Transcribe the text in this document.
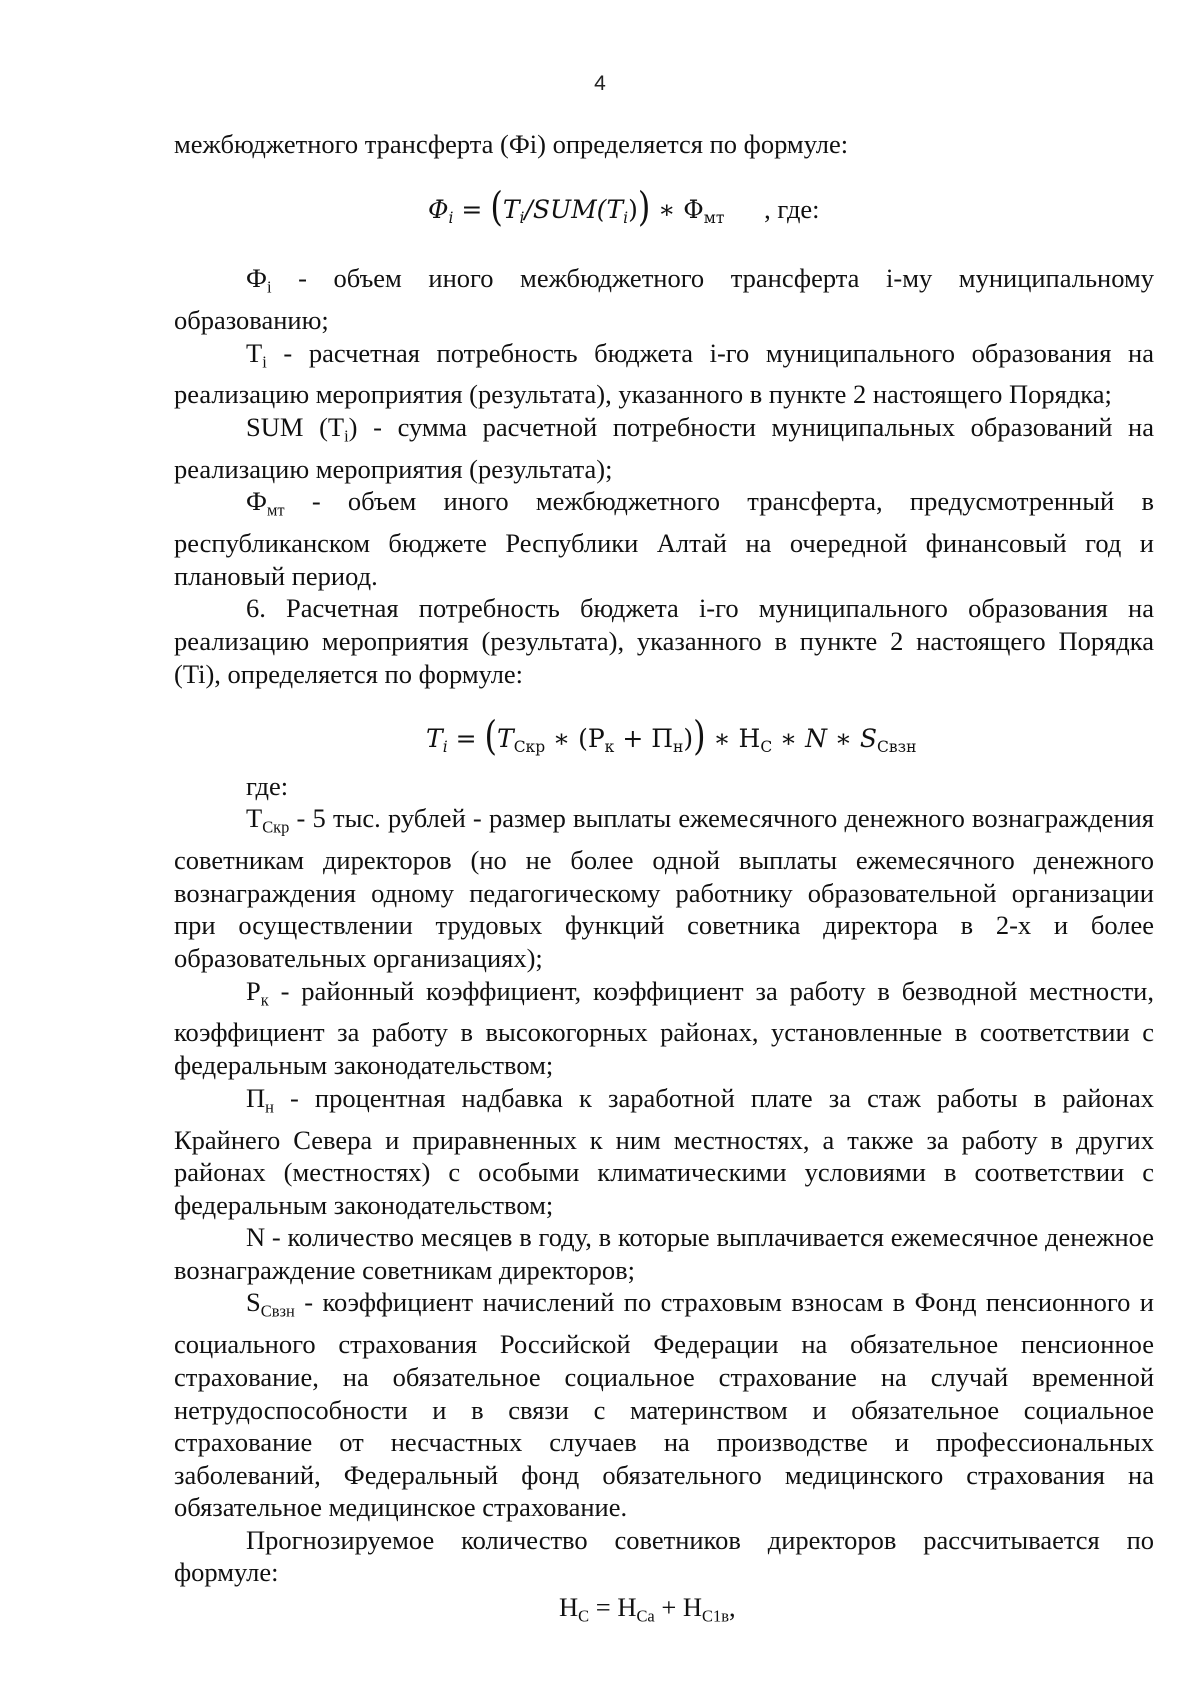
4

межбюджетного трансферта (Фi) определяется по формуле:

$\Phi_i = (T_i/SUM(T_i))$ ∗ $\Phi_{мт}$ , где:

$Ф_i$ - объем иного межбюджетного трансферта i-му муниципальному образованию;

$T_i$ - расчетная потребность бюджета i-го муниципального образования на реализацию мероприятия (результата), указанного в пункте 2 настоящего Порядка;

SUM $(T_i)$ - сумма расчетной потребности муниципальных образований на реализацию мероприятия (результата);

$Ф_{мт}$ - объем иного межбюджетного трансферта, предусмотренный в республиканском бюджете Республики Алтай на очередной финансовый год и плановый период.

6. Расчетная потребность бюджета i-го муниципального образования на реализацию мероприятия (результата), указанного в пункте 2 настоящего Порядка (Ti), определяется по формуле:

$T_i = (T_{Скр}$ ∗ $(Р_к + П_н)$) ∗ $Н_С$ ∗ N ∗ $S_{Свзн}$

где:

$Т_{Скр} - 5$ тыс. рублей - размер выплаты ежемесячного денежного вознаграждения советникам директоров (но не более одной выплаты ежемесячного денежного вознаграждения одному педагогическому работнику образовательной организации при осуществлении трудовых функций советника директора в 2-х и более образовательных организациях);

$Р_к$ - районный коэффициент, коэффициент за работу в безводной местности, коэффициент за работу в высокогорных районах, установленные в соответствии с федеральным законодательством;

$П_н$ - процентная надбавка к заработной плате за стаж работы в районах Крайнего Севера и приравненных к ним местностях, а также за работу в других районах (местностях) с особыми климатическими условиями в соответствии с федеральным законодательством;

N - количество месяцев в году, в которые выплачивается ежемесячное денежное вознаграждение советникам директоров;

$S_{Свзн}$ - коэффициент начислений по страховым взносам в Фонд пенсионного и социального страхования Российской Федерации на обязательное пенсионное страхование, на обязательное социальное страхование на случай временной нетрудоспособности и в связи с материнством и обязательное социальное страхование от несчастных случаев на производстве и профессиональных заболеваний, Федеральный фонд обязательного медицинского страхования на обязательное медицинское страхование.

Прогнозируемое количество советников директоров рассчитывается по формуле:

$Н_С = Н_{Са} + Н_{С1в}$,
